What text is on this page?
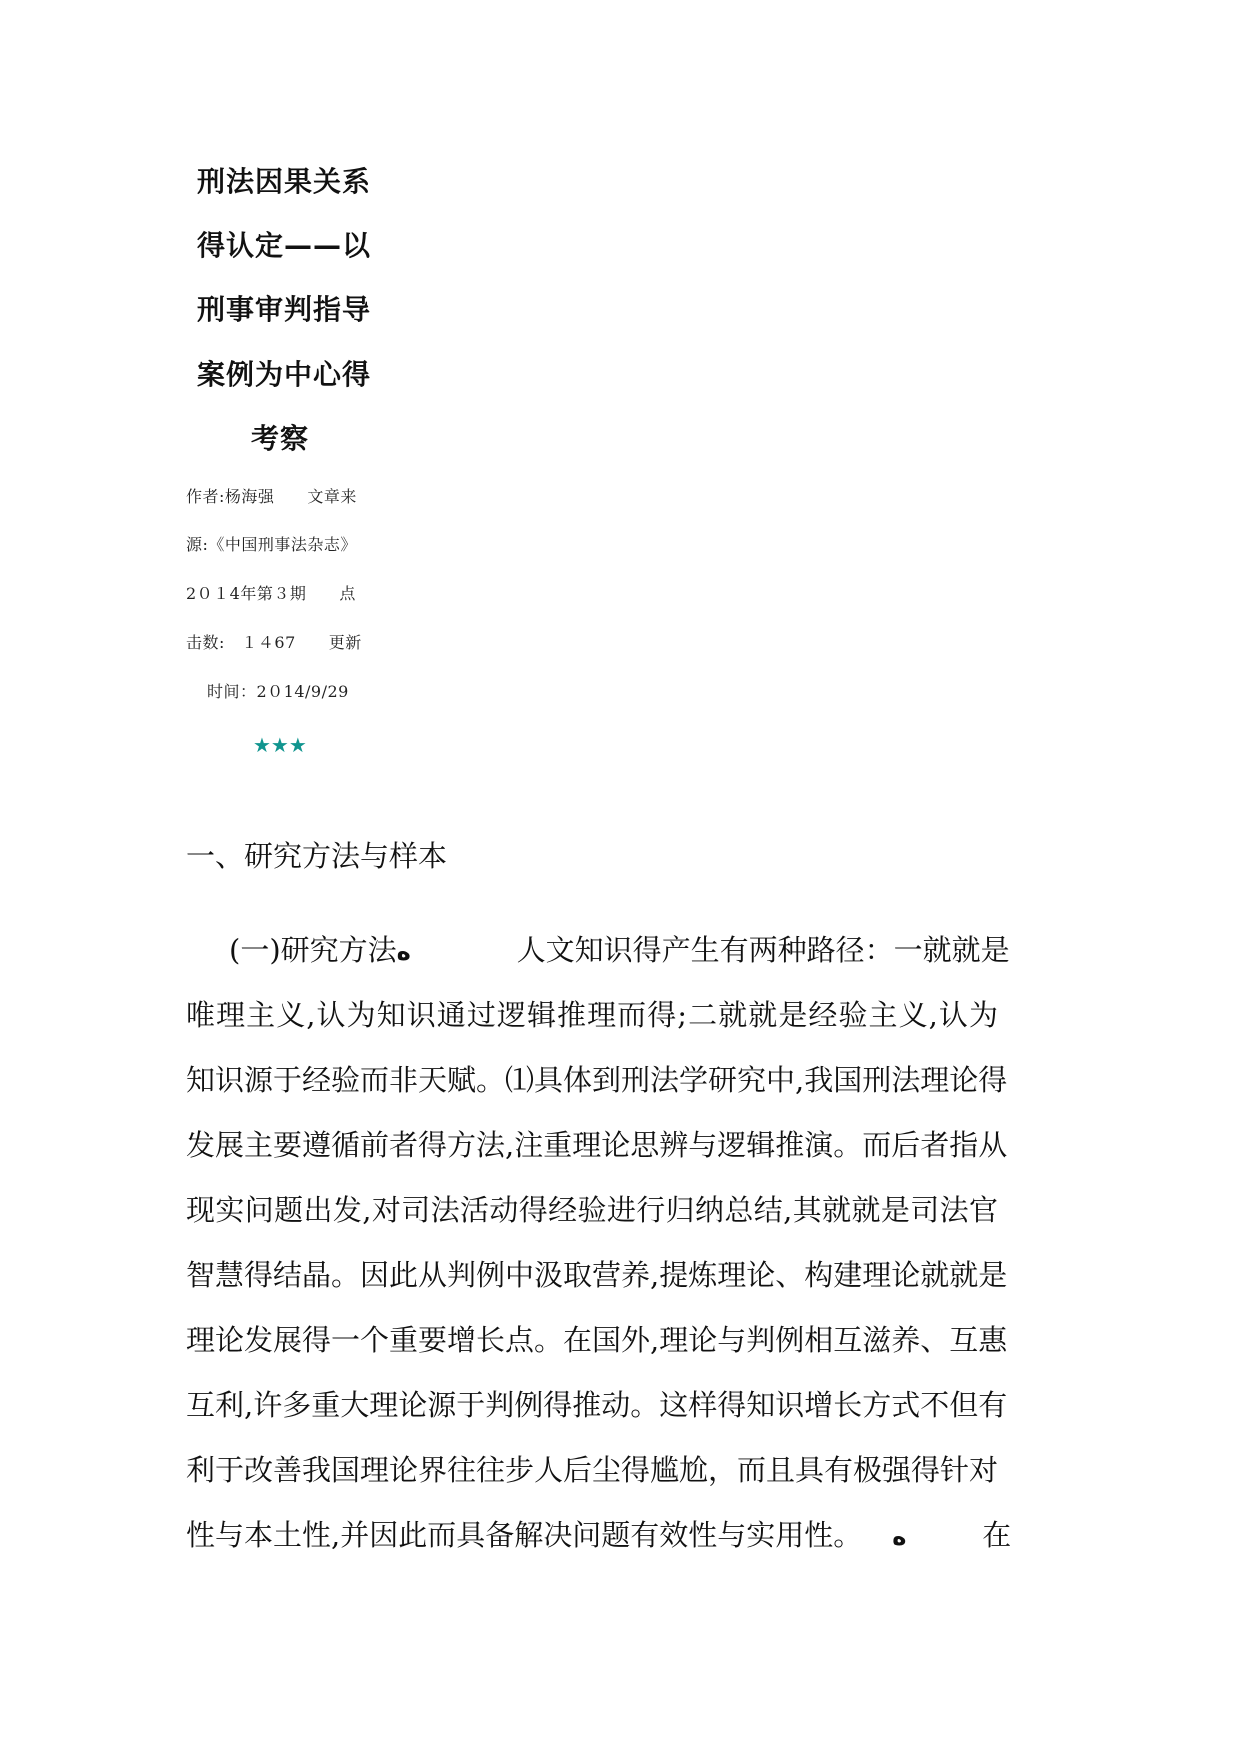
刑法因果关系
得认定——以
刑事审判指导
案例为中心得
考察
作者:杨海强　　文章来
源:《中国刑事法杂志》
2０１4年第３期　　点
击数:　１４67　　更新
时间：2０14/9/29
★★★
一、研究方法与样本
(一)研究方法ه	人文知识得产生有两种路径：一就就是
唯理主义,认为知识通过逻辑推理而得;二就就是经验主义,认为
知识源于经验而非天赋。⑴具体到刑法学研究中,我国刑法理论得
发展主要遵循前者得方法,注重理论思辨与逻辑推演。而后者指从
现实问题出发,对司法活动得经验进行归纳总结,其就就是司法官
智慧得结晶。因此从判例中汲取营养,提炼理论、构建理论就就是
理论发展得一个重要增长点。在国外,理论与判例相互滋养、互惠
互利,许多重大理论源于判例得推动。这样得知识增长方式不但有
利于改善我国理论界往往步人后尘得尴尬，而且具有极强得针对
性与本土性,并因此而具备解决问题有效性与实用性。 ه	在
